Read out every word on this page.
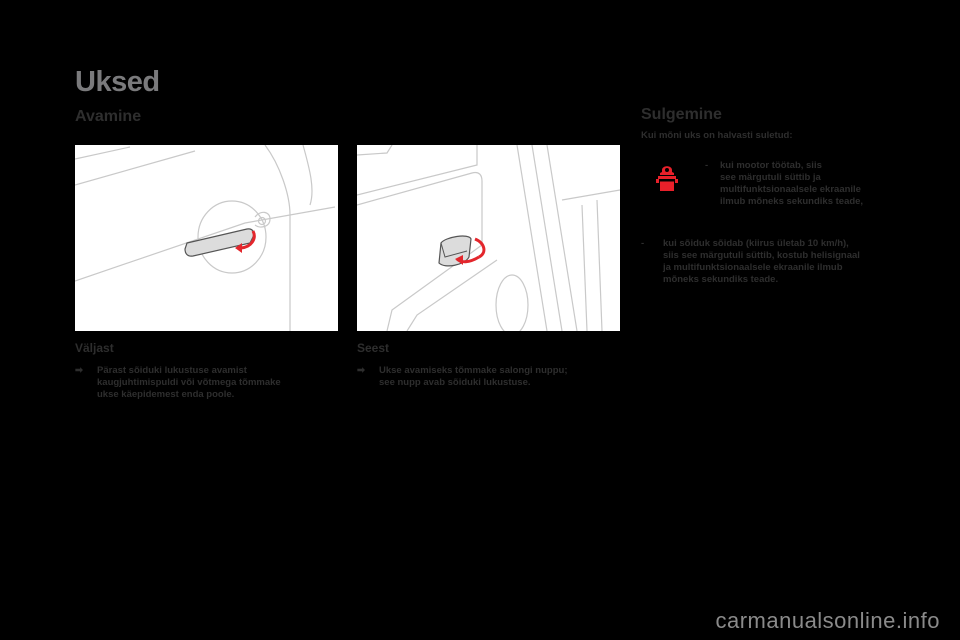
Uksed
Avamine
Väljast
➡ Pärast sõiduki lukustuse avamist
kaugjuhtimispuldi või võtmega tõmmake
ukse käepidemest enda poole.
Seest
➡ Ukse avamiseks tõmmake salongi nuppu;
see nupp avab sõiduki lukustuse.
Sulgemine
Kui mõni uks on halvasti suletud:
- kui mootor töötab, siis
see märgutuli süttib ja
multifunktsionaalsele ekraanile
ilmub mõneks sekundiks teade,
- kui sõiduk sõidab (kiirus ületab 10 km/h),
siis see märgutuli süttib, kostub helisignaal
ja multifunktsionaalsele ekraanile ilmub
mõneks sekundiks teade.
carmanualsonline.info
